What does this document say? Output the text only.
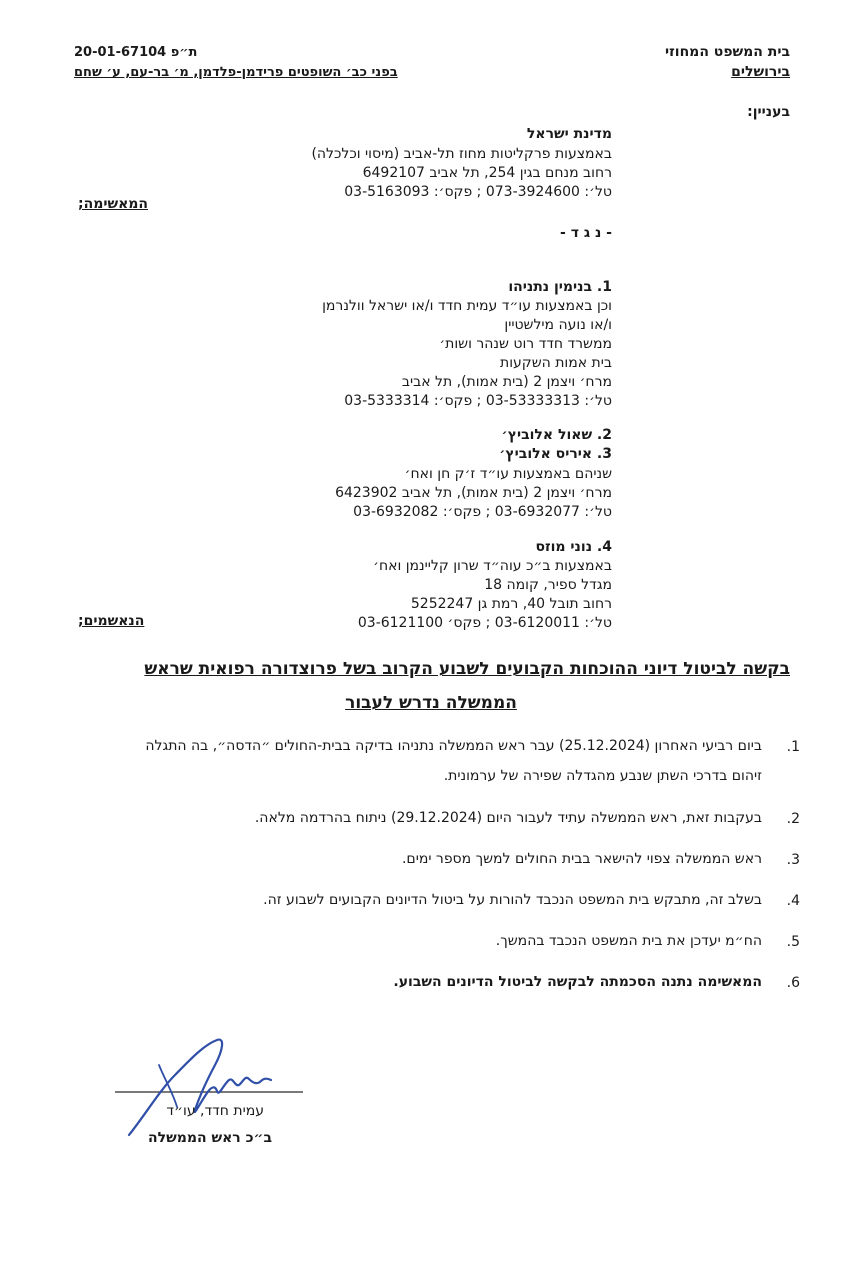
בית המשפט המחוזי
בירושלים
ת״פ 20-01-67104
בפני כב׳ השופטים פרידמן-פלדמן, מ׳ בר-עם, ע׳ שחם
בעניין:
מדינת ישראל
באמצעות פרקליטות מחוז תל-אביב (מיסוי וכלכלה)
רחוב מנחם בגין 254, תל אביב 6492107
טל׳: 073-3924600 ; פקס׳: 03-5163093
המאשימה;
- נ ג ד -
1. בנימין נתניהו
וכן באמצעות עו״ד עמית חדד ו/או ישראל וולנרמן
ו/או נועה מילשטיין
ממשרד חדד רוט שנהר ושות׳
בית אמות השקעות
מרח׳ ויצמן 2 (בית אמות), תל אביב
טל׳: 03-53333313 ; פקס׳: 03-5333314
2. שאול אלוביץ׳
3. איריס אלוביץ׳
שניהם באמצעות עו״ד ז׳ק חן ואח׳
מרח׳ ויצמן 2 (בית אמות), תל אביב 6423902
טל׳: 03-6932077 ; פקס׳: 03-6932082
4. נוני מוזס
באמצעות ב״כ עוה״ד שרון קליינמן ואח׳
מגדל ספיר, קומה 18
רחוב תובל 40, רמת גן 5252247
טל׳: 03-6120011 ; פקס׳ 03-6121100
הנאשמים;
בקשה לביטול דיוני ההוכחות הקבועים לשבוע הקרוב בשל פרוצדורה רפואית שראש
הממשלה נדרש לעבור
1.
ביום רביעי האחרון (25.12.2024) עבר ראש הממשלה נתניהו בדיקה בבית-החולים ״הדסה״, בה התגלה
זיהום בדרכי השתן שנבע מהגדלה שפירה של ערמונית.
2.
בעקבות זאת, ראש הממשלה עתיד לעבור היום (29.12.2024) ניתוח בהרדמה מלאה.
3.
ראש הממשלה צפוי להישאר בבית החולים למשך מספר ימים.
4.
בשלב זה, מתבקש בית המשפט הנכבד להורות על ביטול הדיונים הקבועים לשבוע זה.
5.
הח״מ יעדכן את בית המשפט הנכבד בהמשך.
6.
המאשימה נתנה הסכמתה לבקשה לביטול הדיונים השבוע.
עמית חדד, עו״ד
ב״כ ראש הממשלה
